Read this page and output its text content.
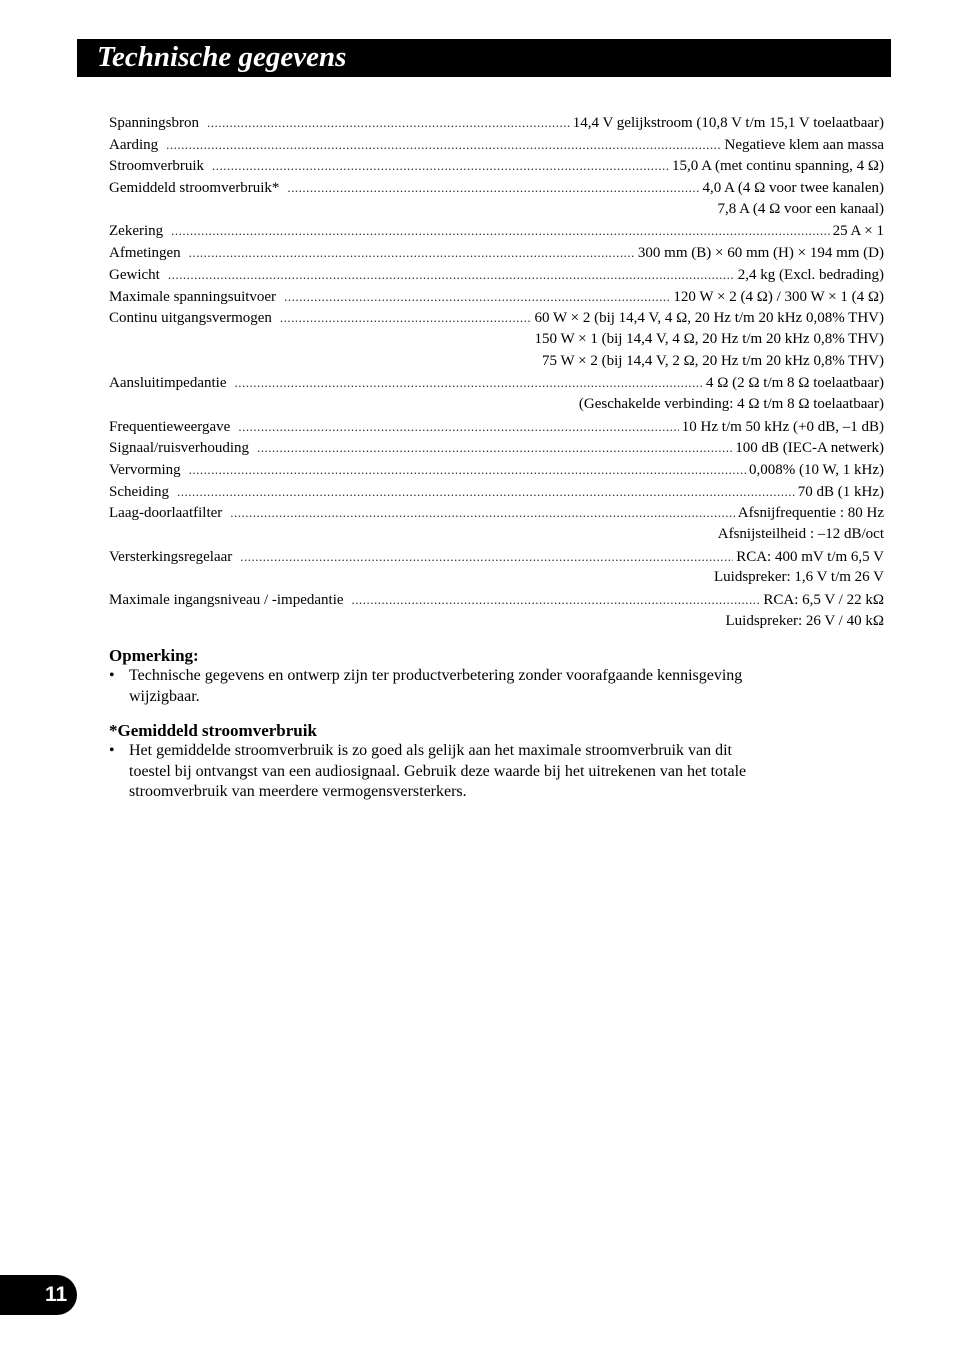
Technische gegevens
Spanningsbron .....	14,4 V gelijkstroom (10,8 V t/m 15,1 V toelaatbaar)
Aarding .....	Negatieve klem aan massa
Stroomverbruik .....	15,0 A (met continu spanning, 4 Ω)
Gemiddeld stroomverbruik* .....	4,0 A (4 Ω voor twee kanalen)
7,8 A (4 Ω voor een kanaal)
Zekering .....	25 A × 1
Afmetingen .....	300 mm (B) × 60 mm (H) × 194 mm (D)
Gewicht .....	2,4 kg (Excl. bedrading)
Maximale spanningsuitvoer .....	120 W × 2 (4 Ω) / 300 W × 1 (4 Ω)
Continu uitgangsvermogen .....	60 W × 2 (bij 14,4 V, 4 Ω, 20 Hz t/m 20 kHz 0,08% THV)
150 W × 1 (bij 14,4 V, 4 Ω, 20 Hz t/m 20 kHz 0,8% THV)
75 W × 2 (bij 14,4 V, 2 Ω, 20 Hz t/m 20 kHz 0,8% THV)
Aansluitimpedantie .....	4 Ω (2 Ω t/m 8 Ω toelaatbaar)
(Geschakelde verbinding: 4 Ω t/m 8 Ω toelaatbaar)
Frequentieweergave .....	10 Hz t/m 50 kHz (+0 dB, –1 dB)
Signaal/ruisverhouding .....	100 dB (IEC-A netwerk)
Vervorming .....	0,008% (10 W, 1 kHz)
Scheiding .....	70 dB (1 kHz)
Laag-doorlaatfilter .....	Afsnijfrequentie : 80 Hz
Afsnijsteilheid : –12 dB/oct
Versterkingsregelaar .....	RCA: 400 mV t/m 6,5 V
Luidspreker: 1,6 V t/m 26 V
Maximale ingangsniveau / -impedantie .....	RCA: 6,5 V / 22 kΩ
Luidspreker: 26 V / 40 kΩ
Opmerking:
• Technische gegevens en ontwerp zijn ter productverbetering zonder voorafgaande kennisgeving wijzigbaar.
*Gemiddeld stroomverbruik
• Het gemiddelde stroomverbruik is zo goed als gelijk aan het maximale stroomverbruik van dit toestel bij ontvangst van een audiosignaal. Gebruik deze waarde bij het uitrekenen van het totale stroomverbruik van meerdere vermogensversterkers.
11
